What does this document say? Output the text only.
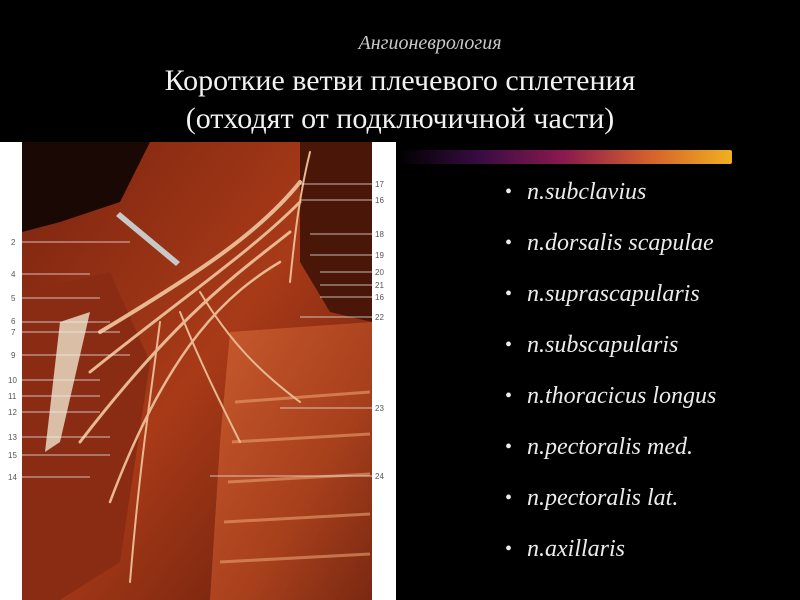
Ангионеврология
Короткие ветви плечевого сплетения
(отходят от подключичной части)
2
4
5
6
7
9
10
11
12
13
15
14
17
16
18
19
20
21
16
22
23
24
• n.subclavius
• n.dorsalis scapulae
• n.suprascapularis
• n.subscapularis
• n.thoracicus longus
• n.pectoralis med.
• n.pectoralis lat.
• n.axillaris
